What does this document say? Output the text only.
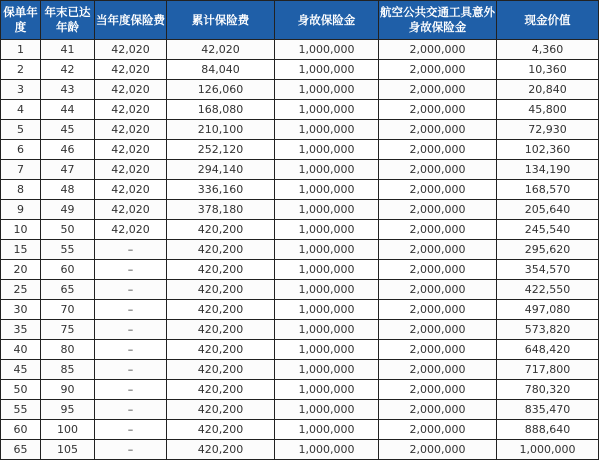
保单年度	年末已达年龄	当年度保险费	累计保险费	身故保险金	航空公共交通工具意外身故保险金	现金价值
1	41	42,020	42,020	1,000,000	2,000,000	4,360
2	42	42,020	84,040	1,000,000	2,000,000	10,360
3	43	42,020	126,060	1,000,000	2,000,000	20,840
4	44	42,020	168,080	1,000,000	2,000,000	45,800
5	45	42,020	210,100	1,000,000	2,000,000	72,930
6	46	42,020	252,120	1,000,000	2,000,000	102,360
7	47	42,020	294,140	1,000,000	2,000,000	134,190
8	48	42,020	336,160	1,000,000	2,000,000	168,570
9	49	42,020	378,180	1,000,000	2,000,000	205,640
10	50	42,020	420,200	1,000,000	2,000,000	245,540
15	55	–	420,200	1,000,000	2,000,000	295,620
20	60	–	420,200	1,000,000	2,000,000	354,570
25	65	–	420,200	1,000,000	2,000,000	422,550
30	70	–	420,200	1,000,000	2,000,000	497,080
35	75	–	420,200	1,000,000	2,000,000	573,820
40	80	–	420,200	1,000,000	2,000,000	648,420
45	85	–	420,200	1,000,000	2,000,000	717,800
50	90	–	420,200	1,000,000	2,000,000	780,320
55	95	–	420,200	1,000,000	2,000,000	835,470
60	100	–	420,200	1,000,000	2,000,000	888,640
65	105	–	420,200	1,000,000	2,000,000	1,000,000
